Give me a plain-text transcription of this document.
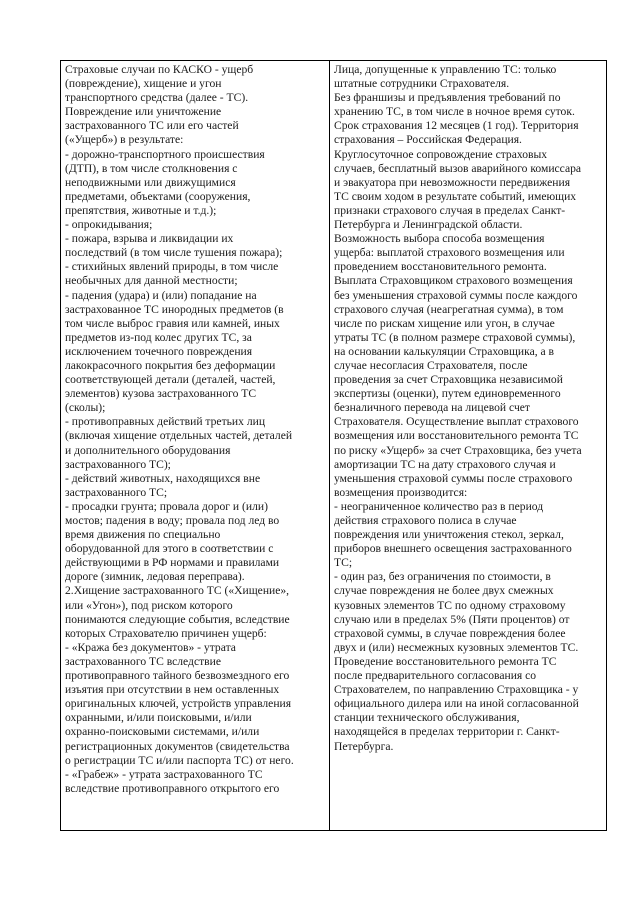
Страховые случаи по КАСКО - ущерб
(повреждение), хищение и угон
транспортного средства (далее - ТС).
Повреждение или уничтожение
застрахованного ТС или его частей
(«Ущерб») в результате:
- дорожно-транспортного происшествия
(ДТП), в том числе столкновения с
неподвижными или движущимися
предметами, объектами (сооружения,
препятствия, животные и т.д.);
- опрокидывания;
- пожара, взрыва и ликвидации их
последствий (в том числе тушения пожара);
- стихийных явлений природы, в том числе
необычных для данной местности;
- падения (удара) и (или) попадание на
застрахованное ТС инородных предметов (в
том числе выброс гравия или камней, иных
предметов из-под колес других ТС, за
исключением точечного повреждения
лакокрасочного покрытия без деформации
соответствующей детали (деталей, частей,
элементов) кузова застрахованного ТС
(сколы);
- противоправных действий третьих лиц
(включая хищение отдельных частей, деталей
и дополнительного оборудования
застрахованного ТС);
- действий животных, находящихся вне
застрахованного ТС;
- просадки грунта; провала дорог и (или)
мостов; падения в воду; провала под лед во
время движения по специально
оборудованной для этого в соответствии с
действующими в РФ нормами и правилами
дороге (зимник, ледовая переправа).
2.Хищение застрахованного ТС («Хищение»,
или «Угон»), под риском которого
понимаются следующие события, вследствие
которых Страхователю причинен ущерб:
- «Кража без документов» - утрата
застрахованного ТС вследствие
противоправного тайного безвозмездного его
изъятия при отсутствии в нем оставленных
оригинальных ключей, устройств управления
охранными, и/или поисковыми, и/или
охранно-поисковыми системами, и/или
регистрационных документов (свидетельства
о регистрации ТС и/или паспорта ТС) от него.
- «Грабеж» - утрата застрахованного ТС
вследствие противоправного открытого его

Лица, допущенные к управлению ТС: только
штатные сотрудники Страхователя.
Без франшизы и предъявления требований по
хранению ТС, в том числе в ночное время суток.
Срок страхования 12 месяцев (1 год). Территория
страхования – Российская Федерация.
Круглосуточное сопровождение страховых
случаев, бесплатный вызов аварийного комиссара
и эвакуатора при невозможности передвижения
ТС своим ходом в результате событий, имеющих
признаки страхового случая в пределах Санкт-
Петербурга и Ленинградской области.
Возможность выбора способа возмещения
ущерба: выплатой страхового возмещения или
проведением восстановительного ремонта.
Выплата Страховщиком страхового возмещения
без уменьшения страховой суммы после каждого
страхового случая (неагрегатная сумма), в том
числе по рискам хищение или угон, в случае
утраты ТС (в полном размере страховой суммы),
на основании калькуляции Страховщика, а в
случае несогласия Страхователя, после
проведения за счет Страховщика независимой
экспертизы (оценки), путем единовременного
безналичного перевода на лицевой счет
Страхователя. Осуществление выплат страхового
возмещения или восстановительного ремонта ТС
по риску «Ущерб» за счет Страховщика, без учета
амортизации ТС на дату страхового случая и
уменьшения страховой суммы после страхового
возмещения производится:
- неограниченное количество раз в период
действия страхового полиса в случае
повреждения или уничтожения стекол, зеркал,
приборов внешнего освещения застрахованного
ТС;
- один раз, без ограничения по стоимости, в
случае повреждения не более двух смежных
кузовных элементов ТС по одному страховому
случаю или в пределах 5% (Пяти процентов) от
страховой суммы, в случае повреждения более
двух и (или) несмежных кузовных элементов ТС.
Проведение восстановительного ремонта ТС
после предварительного согласования со
Страхователем, по направлению Страховщика - у
официального дилера или на иной согласованной
станции технического обслуживания,
находящейся в пределах территории г. Санкт-
Петербурга.
